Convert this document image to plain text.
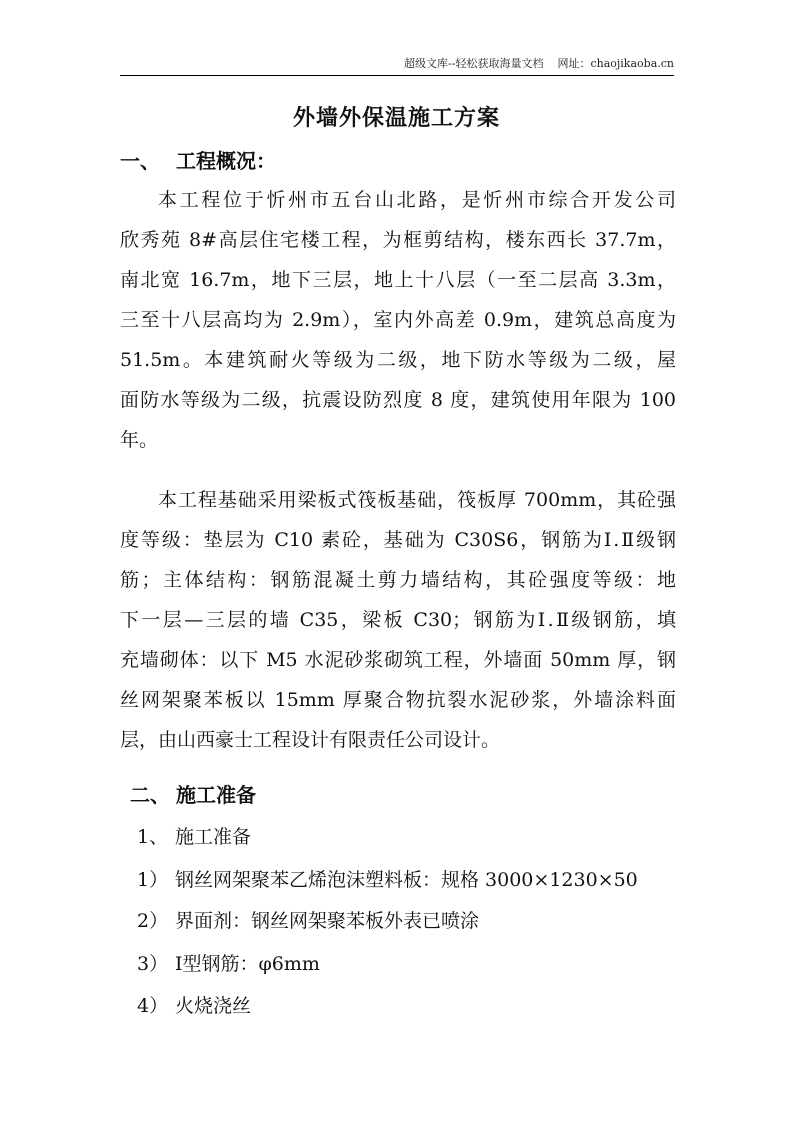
超级文库--轻松获取海量文档 网址：chaojikaoba.cn
外墙外保温施工方案
一、 工程概况：
本工程位于忻州市五台山北路，是忻州市综合开发公司
欣秀苑 8#高层住宅楼工程，为框剪结构，楼东西长 37.7m，
南北宽 16.7m，地下三层，地上十八层（一至二层高 3.3m，
三至十八层高均为 2.9m），室内外高差 0.9m，建筑总高度为
51.5m。本建筑耐火等级为二级，地下防水等级为二级，屋
面防水等级为二级，抗震设防烈度 8 度，建筑使用年限为 100
年。
本工程基础采用梁板式筏板基础，筏板厚 700mm，其砼强
度等级：垫层为 C10 素砼，基础为 C30S6，钢筋为Ⅰ.Ⅱ级钢
筋；主体结构：钢筋混凝土剪力墙结构，其砼强度等级：地
下一层—三层的墙 C35，梁板 C30；钢筋为Ⅰ.Ⅱ级钢筋，填
充墙砌体：以下 M5 水泥砂浆砌筑工程，外墙面 50mm 厚，钢
丝网架聚苯板以 15mm 厚聚合物抗裂水泥砂浆，外墙涂料面
层，由山西豪士工程设计有限责任公司设计。
二、 施工准备
1、 施工准备
1） 钢丝网架聚苯乙烯泡沫塑料板：规格 3000×1230×50
2） 界面剂：钢丝网架聚苯板外表已喷涂
3） Ⅰ型钢筋：φ6mm
4） 火烧浇丝
